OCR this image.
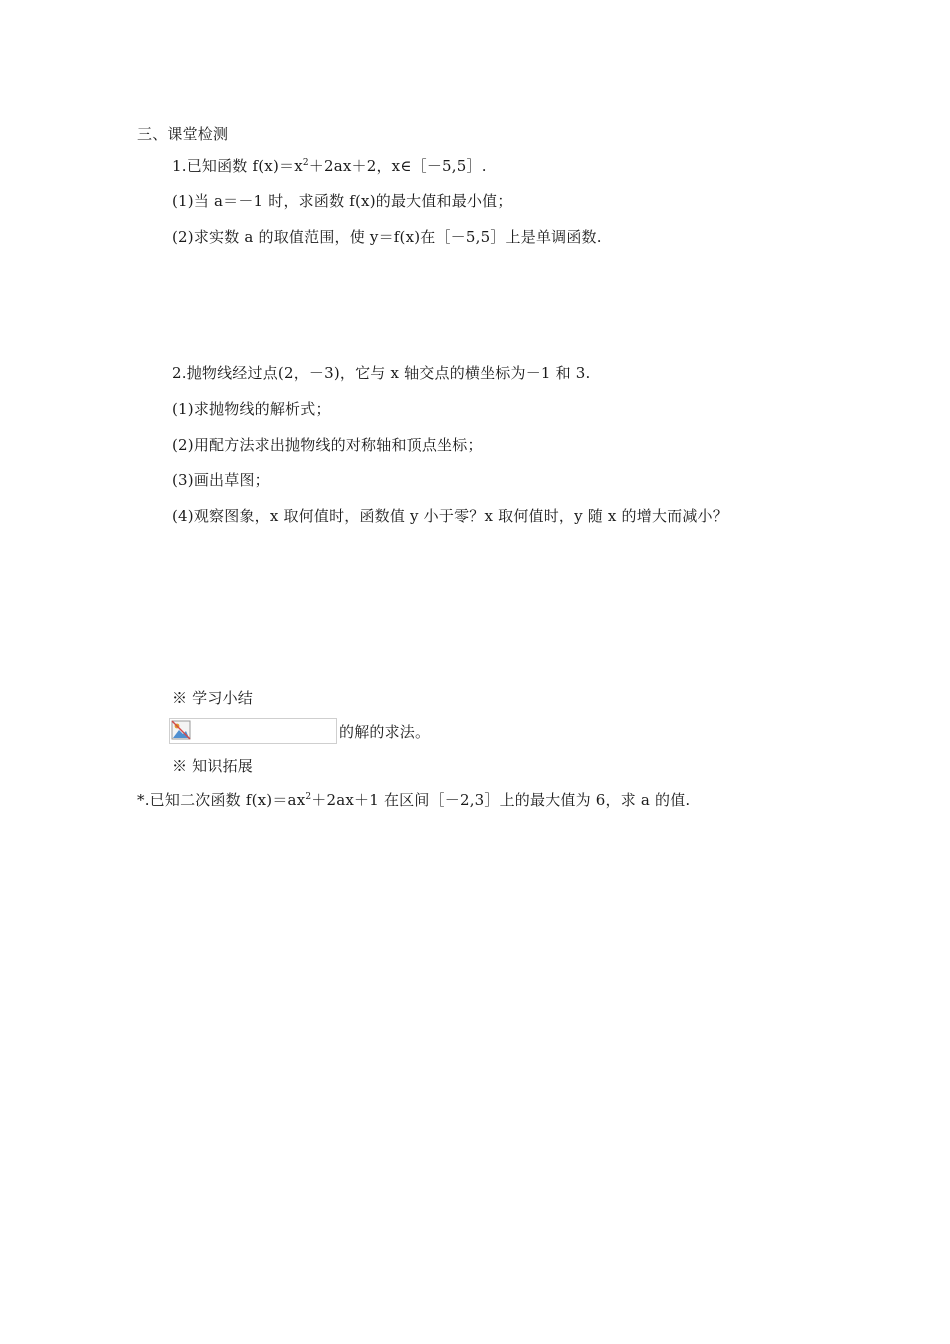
三、课堂检测
1.已知函数 $f(x)=x^2+2ax+2$，x∈［－5,5］.
(1)当 a＝－1 时，求函数 f(x)的最大值和最小值；
(2)求实数 a 的取值范围，使 y＝f(x)在［－5,5］上是单调函数.
2.抛物线经过点(2，－3)，它与 x 轴交点的横坐标为－1 和 3.
(1)求抛物线的解析式；
(2)用配方法求出抛物线的对称轴和顶点坐标；
(3)画出草图；
(4)观察图象，x 取何值时，函数值 y 小于零？x 取何值时，y 随 x 的增大而减小？
※ 学习小结
的解的求法。
※ 知识拓展
*.已知二次函数 $f(x)=ax^2+2ax+1$ 在区间［－2,3］上的最大值为 6，求 a 的值.
